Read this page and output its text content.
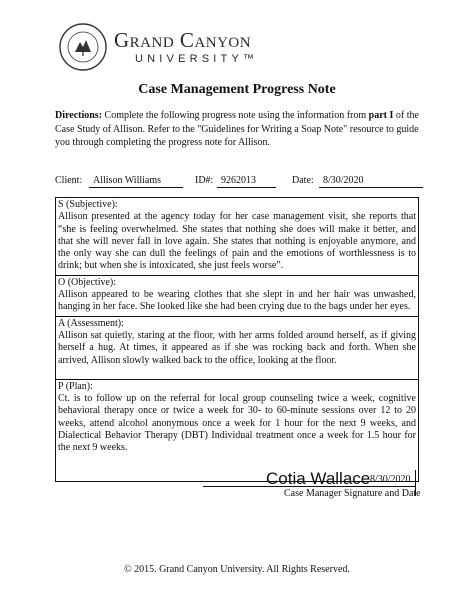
Grand Canyon
UNIVERSITY™
Case Management Progress Note
Directions: Complete the following progress note using the information from part I of the Case Study of Allison. Refer to the "Guidelines for Writing a Soap Note" resource to guide you through completing the progress note for Allison.
Client:	Allison Williams	ID#: 9262013	Date: 8/30/2020
S (Subjective):
Allison presented at the agency today for her case management visit, she reports that “she is feeling overwhelmed. She states that nothing she does will make it better, and that she will never fall in love again. She states that nothing is enjoyable anymore, and the only way she can dull the feelings of pain and the emotions of worthlessness is to drink; but when she is intoxicated, she just feels worse”.
O (Objective):
Allison appeared to be wearing clothes that she slept in and her hair was unwashed, hanging in her face. She looked like she had been crying due to the bags under her eyes.
A (Assessment):
Allison sat quietly, staring at the floor, with her arms folded around herself, as if giving herself a hug. At times, it appeared as if she was rocking back and forth. When she arrived, Allison slowly walked back to the office, looking at the floor.
P (Plan):
Ct. is to follow up on the referral for local group counseling twice a week, cognitive behavioral therapy once or twice a week for 30- to 60-minute sessions over 12 to 20 weeks, attend alcohol anonymous once a week for 1 hour for the next 9 weeks, and Dialectical Behavior Therapy (DBT) Individual treatment once a week for 1.5 hour for the next 9 weeks.
Cotia Wallace 8/30/2020
Case Manager Signature and Date
© 2015. Grand Canyon University. All Rights Reserved.
